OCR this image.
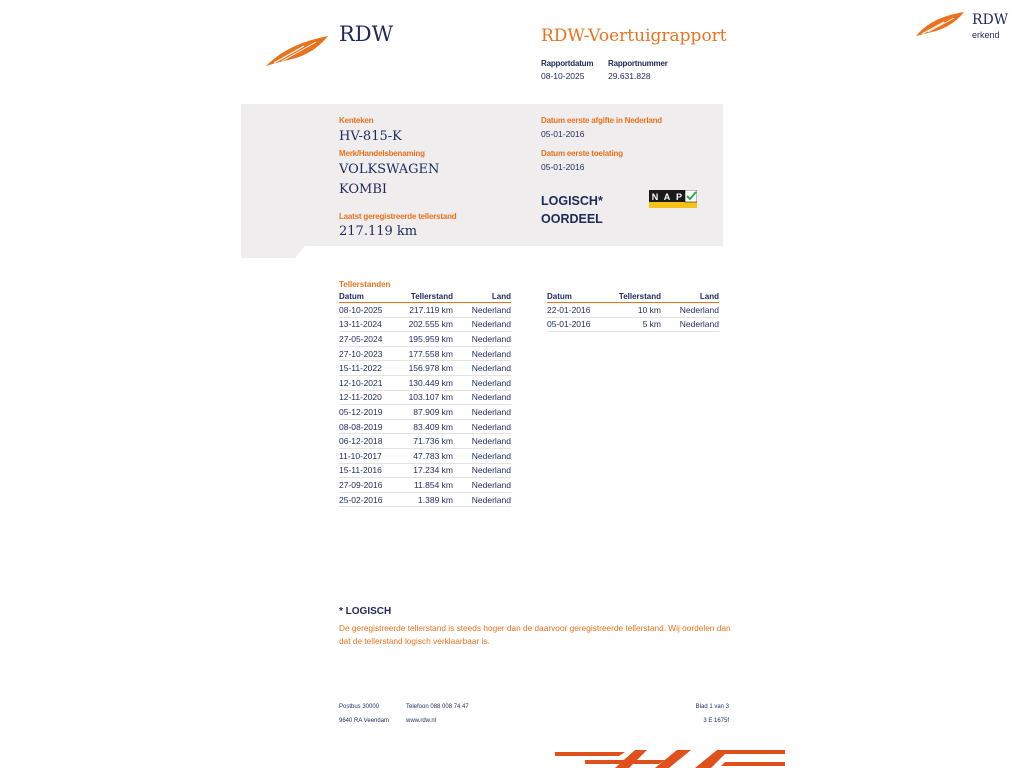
RDW
erkend
RDW	RDW-Voertuigrapport
Rapportdatum
08-10-2025
Rapportnummer
29.631.828
Kenteken
HV-815-K
Merk/Handelsbenaming
VOLKSWAGEN
KOMBI
Laatst geregistreerde tellerstand
217.119 km
Datum eerste afgifte in Nederland
05-01-2016
Datum eerste toelating
05-01-2016
LOGISCH*
OORDEEL
N A P
Tellerstanden
Datum	Tellerstand	Land
08-10-2025	217.119 km	Nederland
13-11-2024	202.555 km	Nederland
27-05-2024	195.959 km	Nederland
27-10-2023	177.558 km	Nederland
15-11-2022	156.978 km	Nederland
12-10-2021	130.449 km	Nederland
12-11-2020	103.107 km	Nederland
05-12-2019	87.909 km	Nederland
08-08-2019	83.409 km	Nederland
06-12-2018	71.736 km	Nederland
11-10-2017	47.783 km	Nederland
15-11-2016	17.234 km	Nederland
27-09-2016	11.854 km	Nederland
25-02-2016	1.389 km	Nederland
Datum	Tellerstand	Land
22-01-2016	10 km	Nederland
05-01-2016	5 km	Nederland
* LOGISCH
De geregistreerde tellerstand is steeds hoger dan de daarvoor geregistreerde tellerstand. Wij oordelen dan dat de tellerstand logisch verklaarbaar is.
Postbus 30000
9640 RA Veendam
Telefoon 088 008 74 47
www.rdw.nl
Blad 1 van 3
3 E 1675f
